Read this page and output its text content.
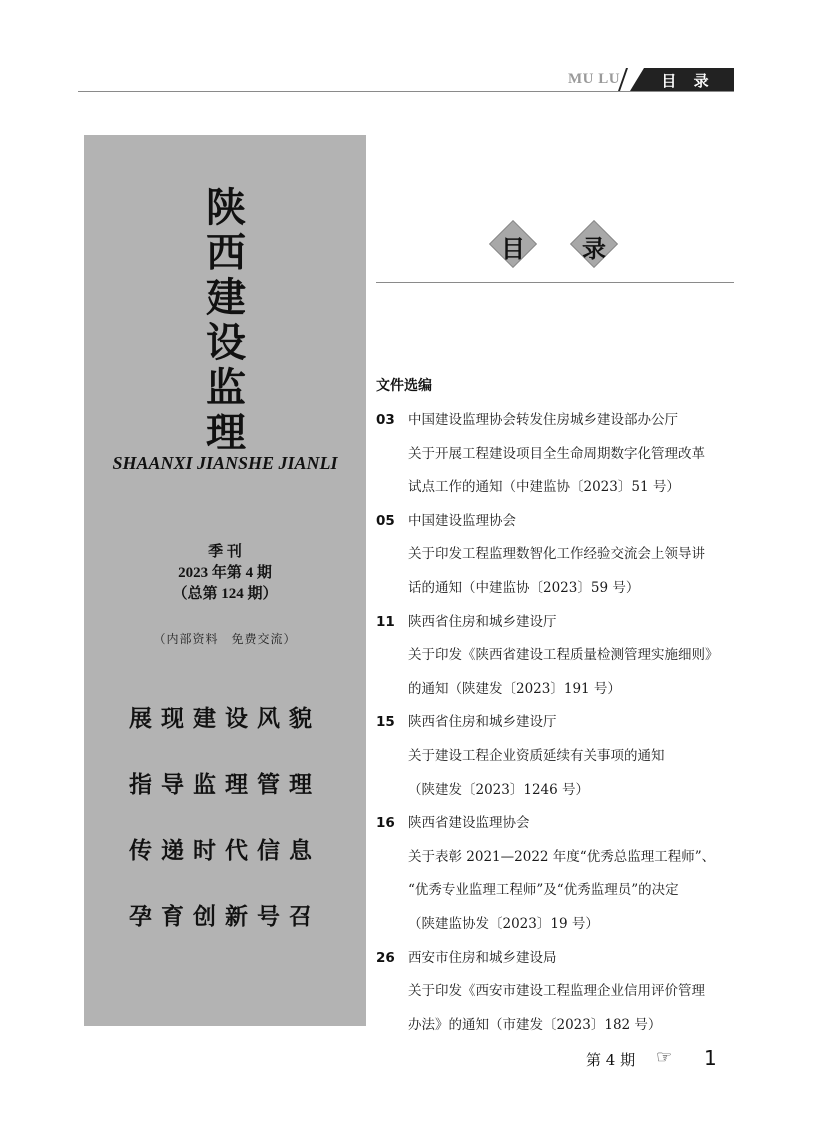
MU LU	目 录
陕
西
建
设
监
理
SHAANXI JIANSHE JIANLI
季 刊
2023 年第 4 期
（总第 124 期）
（内部资料　免费交流）
展现建设风貌
指导监理管理
传递时代信息
孕育创新号召
目	录
文件选编
03 中国建设监理协会转发住房城乡建设部办公厅
关于开展工程建设项目全生命周期数字化管理改革
试点工作的通知（中建监协〔2023〕51 号）
05 中国建设监理协会
关于印发工程监理数智化工作经验交流会上领导讲
话的通知（中建监协〔2023〕59 号）
11 陕西省住房和城乡建设厅
关于印发《陕西省建设工程质量检测管理实施细则》
的通知（陕建发〔2023〕191 号）
15 陕西省住房和城乡建设厅
关于建设工程企业资质延续有关事项的通知
（陕建发〔2023〕1246 号）
16 陕西省建设监理协会
关于表彰 2021—2022 年度“优秀总监理工程师”、
“优秀专业监理工程师”及“优秀监理员”的决定
（陕建监协发〔2023〕19 号）
26 西安市住房和城乡建设局
关于印发《西安市建设工程监理企业信用评价管理
办法》的通知（市建发〔2023〕182 号）
第 4 期 ☞ 1
